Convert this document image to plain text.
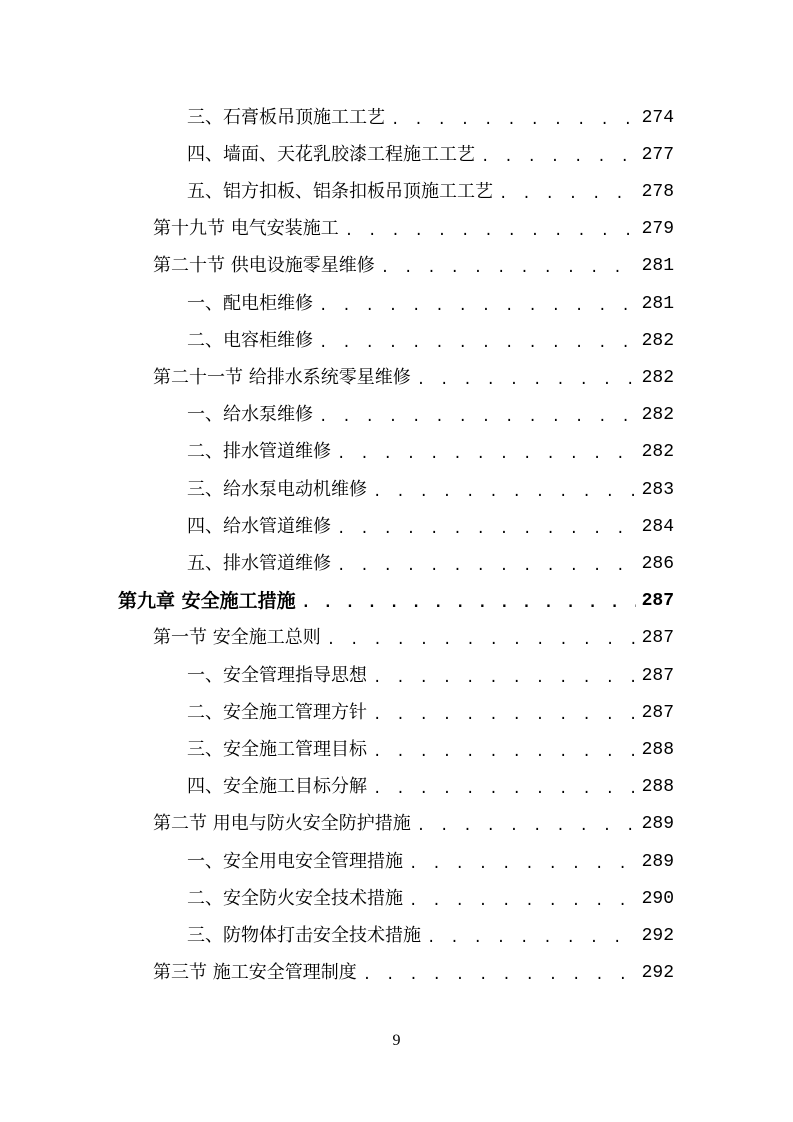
三、石膏板吊顶施工工艺 . . .	274
四、墙面、天花乳胶漆工程施工工艺 . . .	277
五、铝方扣板、铝条扣板吊顶施工工艺 . . .	278
第十九节 电气安装施工 . . .	279
第二十节 供电设施零星维修 . . .	281
一、配电柜维修 . . .	281
二、电容柜维修 . . .	282
第二十一节 给排水系统零星维修 . . .	282
一、给水泵维修 . . .	282
二、排水管道维修 . . .	282
三、给水泵电动机维修 . . .	283
四、给水管道维修 . . .	284
五、排水管道维修 . . .	286
第九章 安全施工措施 . . .	287
第一节 安全施工总则 . . .	287
一、安全管理指导思想 . . .	287
二、安全施工管理方针 . . .	287
三、安全施工管理目标 . . .	288
四、安全施工目标分解 . . .	288
第二节 用电与防火安全防护措施 . . .	289
一、安全用电安全管理措施 . . .	289
二、安全防火安全技术措施 . . .	290
三、防物体打击安全技术措施 . . .	292
第三节 施工安全管理制度 . . .	292
9
